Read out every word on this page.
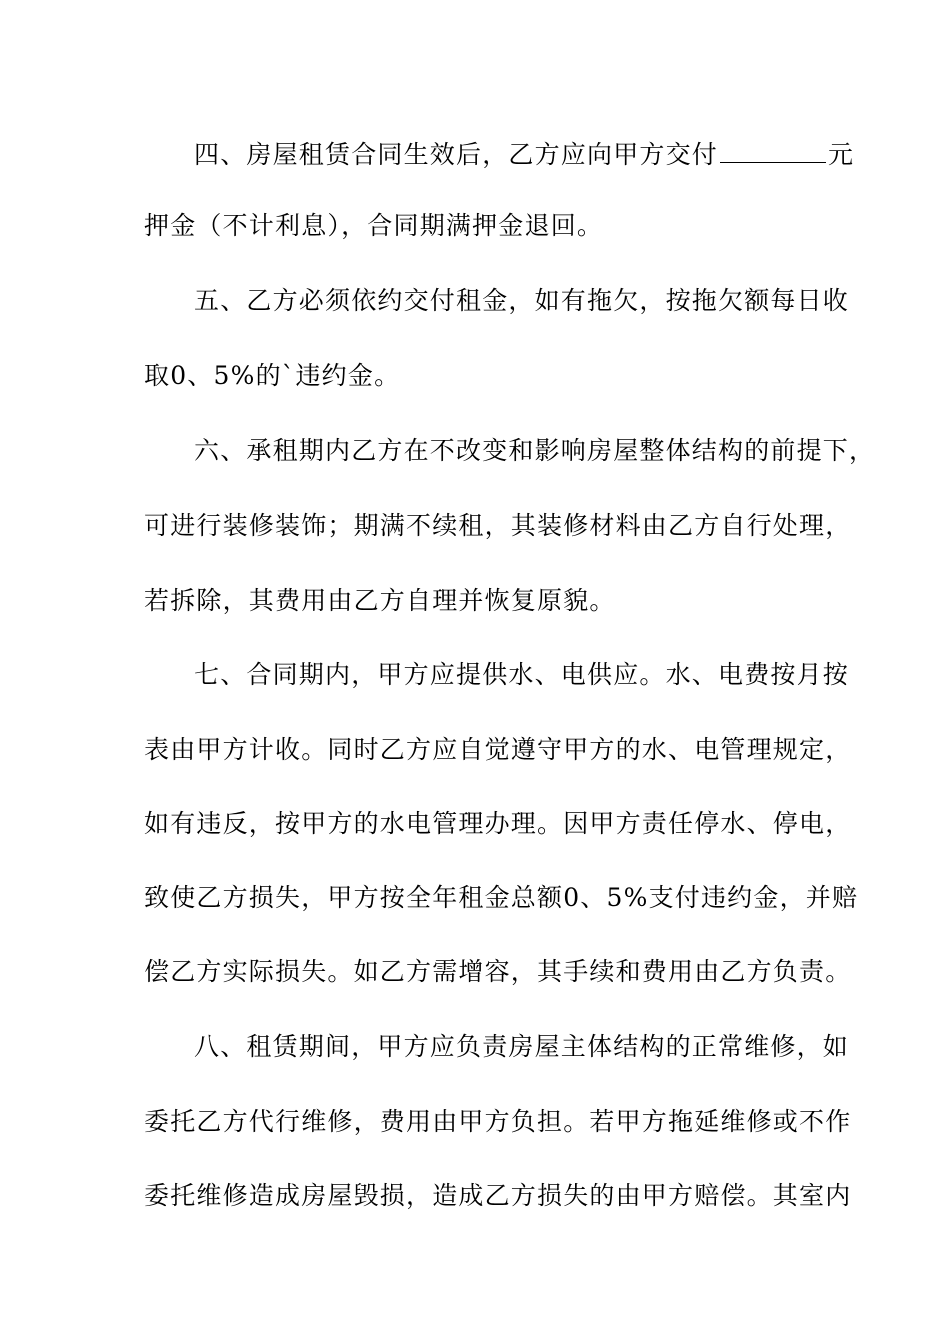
四、房屋租赁合同生效后，乙方应向甲方交付	元
押金（不计利息），合同期满押金退回。
五、乙方必须依约交付租金，如有拖欠，按拖欠额每日收
取0、5%的`违约金。
六、承租期内乙方在不改变和影响房屋整体结构的前提下，
可进行装修装饰；期满不续租，其装修材料由乙方自行处理，
若拆除，其费用由乙方自理并恢复原貌。
七、合同期内，甲方应提供水、电供应。水、电费按月按
表由甲方计收。同时乙方应自觉遵守甲方的水、电管理规定，
如有违反，按甲方的水电管理办理。因甲方责任停水、停电，
致使乙方损失，甲方按全年租金总额0、5%支付违约金，并赔
偿乙方实际损失。如乙方需增容，其手续和费用由乙方负责。
八、租赁期间，甲方应负责房屋主体结构的正常维修，如
委托乙方代行维修，费用由甲方负担。若甲方拖延维修或不作
委托维修造成房屋毁损，造成乙方损失的由甲方赔偿。其室内
